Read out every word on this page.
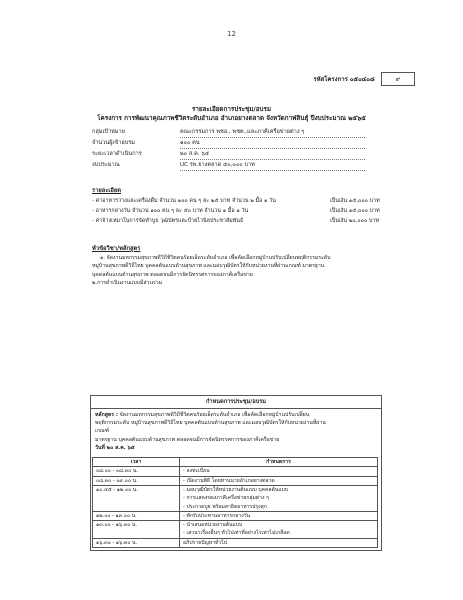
12
รหัสโครงการ ๐๕๐๔๐๘	๙
รายละเอียดการประชุม/อบรม
โครงการ การพัฒนาคุณภาพชีวิตระดับอำเภอ อำเภอยางตลาด จังหวัดกาฬสินธุ์ ปีงบประมาณ ๒๕๖๕
กลุ่มเป้าหมาย	คณะกรรมการ พชอ., พชต.,และภาคีเครือข่ายต่าง ๆ
จำนวนผู้เข้าอบรม	๑๐๐ คน
ระยะเวลาดำเนินการ	๒๐ ส.ค. ๖๕
งบประมาณ	UC รพ.ยางตลาด ๕๐,๐๐๐ บาท
รายละเอียด
- ค่าอาหารว่างและเครื่องดื่ม จำนวน ๑๐๐ คน ๆ ละ ๒๕ บาท จำนวน ๒ มื้อ ๑ วัน	เป็นเงิน ๑๕,๐๐๐ บาท
- อาหารกลางวัน จำนวน ๑๐๐ คน ๆ ละ ๕๐ บาท จำนวน ๑ มื้อ ๑ วัน	เป็นเงิน ๑๕,๐๐๐ บาท
- ค่าจ้างเหมาในการจัดทำบูธ วุฒิบัตรและป้ายไวนิลประชาสัมพันธ์	เป็นเงิน ๒๐,๐๐๐ บาท
หัวข้อวิชา/หลักสูตร

๑. จัดงานมหกรรมสุขภาพดีวิถีชีวิตคนร้อยเอ็ดระดับอำเภอ เพื่อคัดเลือกหมู่บ้านปรับเปลี่ยนพฤติกรรมระดับ

หมู่บ้านสุขภาพดีวิถีไทย บุคคลต้นแบบด้านสุขภาพ และมอบวุฒิบัตรให้กับหน่วยงานที่ผ่านเกณฑ์ มาตรฐาน

บุคคลต้นแบบด้านสุขภาพ ตลอดจนมีการจัดนิทรรศการของภาคีเครือข่าย

๒.การดำเนินงานแบบมีส่วนร่วม

กำหนดการประชุม/อบรม
หลักสูตร : จัดงานมหกรรมสุขภาพดีวิถีชีวิตคนร้อยเอ็ดระดับอำเภอ เพื่อคัดเลือกหมู่บ้านปรับเปลี่ยน
พฤติกรรมระดับ หมู่บ้านสุขภาพดีวิถีไทย บุคคลต้นแบบด้านสุขภาพ และมอบวุฒิบัตรให้กับหน่วยงานที่ผ่าน
เกณฑ์
มาตรฐาน บุคคลต้นแบบด้านสุขภาพ ตลอดจนมีการจัดนิทรรศการของภาคีเครือข่าย
วันที่ ๒๐ ส.ค. ๖๕
เวลา	กำหนดการ
๐๘.๐๐ - ๐๘.๓๐ น.	- ลงทะเบียน

๐๘.๓๐ - ๐๙.๐๐ น.	- เปิดงานพิธี โดยท่านนายอำเภอยางตลาด

๑๐.๔๕ - ๑๒.๐๐ น.	- มอบวุฒิบัตรให้หน่วยงานต้นแบบ บุคคลต้นแบบ
- การแสดงของภาคีเครือข่ายกลุ่มต่าง ๆ
- ประกวดบูธ พร้อมสาธิตอาหารปรุงสุก

๑๒.๐๐ - ๑๓.๐๐ น.	- พักรับประทานอาหารกลางวัน

๑๓.๐๐ - ๑๖.๓๐ น.	- นำเสนอหน่วยงานต้นแบบ
- เสวนาเรื่องอื่นๆ ทั่วไปเท่าที่อย่างไรเท่าไม่เกลือด

๑๖.๓๐ - ๑๖.๓๐ น.	อภิปรายปัญหาทั่วไป
